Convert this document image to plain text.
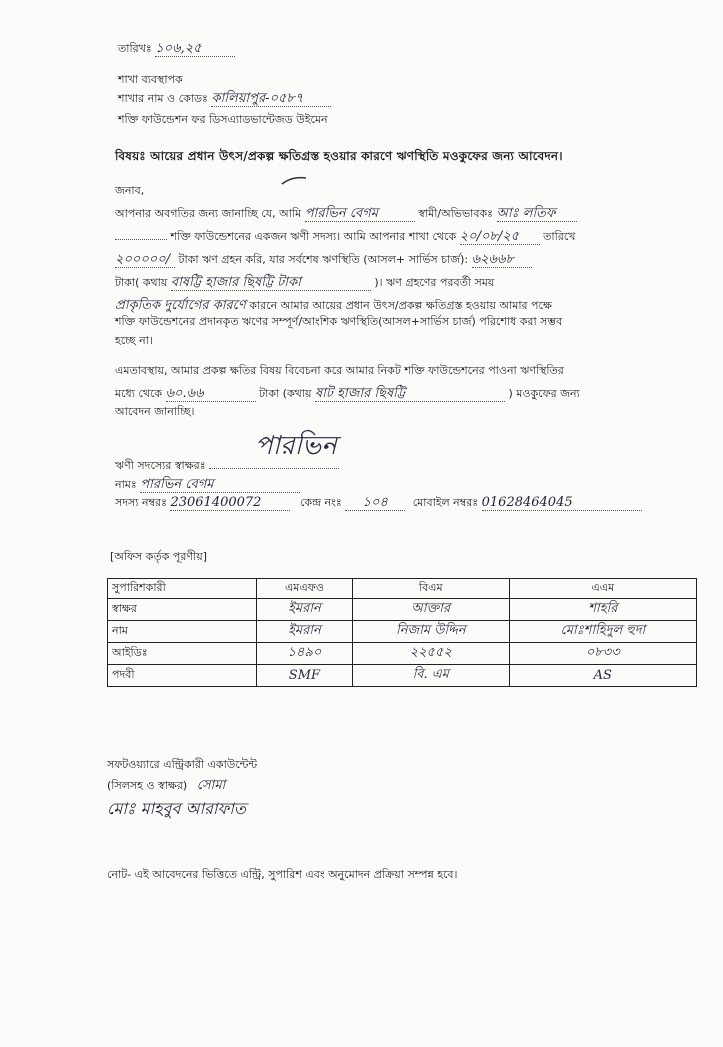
তারিখঃ ১০৬,২৫
শাখা ব্যবস্থাপক
শাখার নাম ও কোডঃ কালিয়াপুর-০৫৮৭
শক্তি ফাউন্ডেশন ফর ডিসএ্যাডভান্টেজড উইমেন
বিষয়ঃ আয়ের প্রধান উৎস/প্রকল্প ক্ষতিগ্রস্ত হওয়ার কারণে ঋণস্থিতি মওকুফের জন্য আবেদন।
জনাব,
আপনার অবগতির জন্য জানাচ্ছি যে, আমি পারভিন বেগম	স্বামী/অভিভাবকঃ আঃ লতিফ
শক্তি ফাউন্ডেশনের একজন ঋণী সদস্য। আমি আপনার শাখা থেকে ২০/০৮/২৫ তারিখে
২০০০০০/ টাকা ঋণ গ্রহন করি, যার সর্বশেষ ঋণস্থিতি (আসল+ সার্ভিস চার্জ): ৬২৬৬৮
টাকা( কথায় বাষট্টি হাজার ছিষট্টি টাকা	)। ঋণ গ্রহণের পরবর্তী সময়
প্রাকৃতিক দুর্যোগের কারণে কারনে আমার আয়ের প্রধান উৎস/প্রকল্প ক্ষতিগ্রস্ত হওয়ায় আমার পক্ষে
শক্তি ফাউন্ডেশনের প্রদানকৃত ঋণের সম্পূর্ণ/আংশিক ঋণস্থিতি(আসল+সার্ভিস চার্জ) পরিশোধ করা সম্ভব
হচ্ছে না।
এমতাবস্থায়, আমার প্রকল্প ক্ষতির বিষয় বিবেচনা করে আমার নিকট শক্তি ফাউন্ডেশনের পাওনা ঋণস্থিতির
মধ্যে থেকে ৬০.৬৬	টাকা (কথায় ষাট হাজার ছিষট্টি	) মওকুফের জন্য
আবেদন জানাচ্ছি।
পারভিন
ঋণী সদস্যের স্বাক্ষরঃ
নামঃ পারভিন বেগম
সদস্য নম্বরঃ 23061400072	কেন্দ্র নংঃ ১০৪ মোবাইল নম্বরঃ 01628464045
[অফিস কর্তৃক পূরণীয়]
সুপারিশকারী	এমএফও	বিএম	এএম
স্বাক্ষর	ইমরান	আক্তার	শাহরি
নাম	ইমরান	নিজাম উদ্দিন	মোঃশাহিদুল হুদা
আইডিঃ	১৪৯০	২২৫৫২	০৮৩৩
পদবী	SMF	বি. এম	AS
সফটওয়্যারে এন্ট্রিকারী একাউন্টেন্ট
(সিলসহ ও স্বাক্ষর) সোমা
মোঃ মাহবুব আরাফাত
নোট- এই আবেদনের ভিত্তিতে এন্ট্রি, সুপারিশ এবং অনুমোদন প্রক্রিয়া সম্পন্ন হবে।
